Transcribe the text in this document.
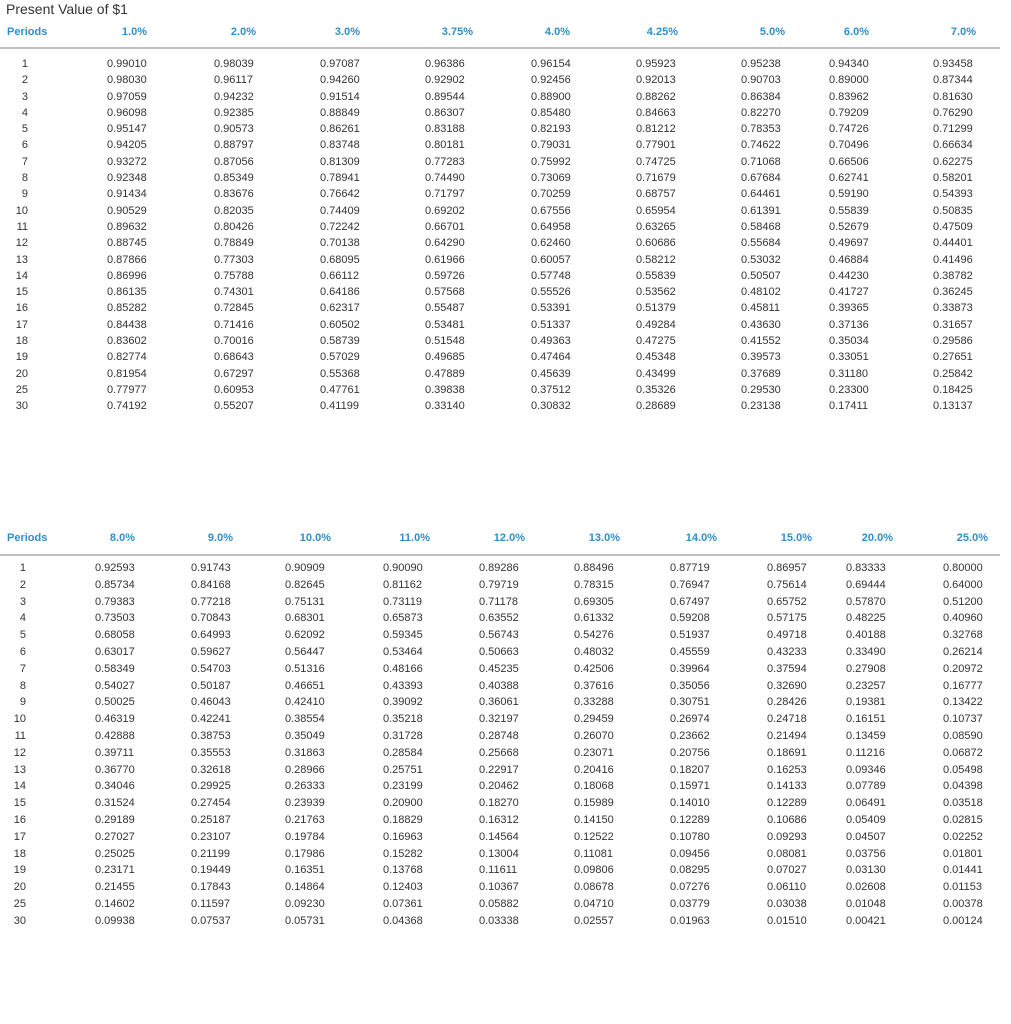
Present Value of $1
Periods	1.0%	2.0%	3.0%	3.75%	4.0%	4.25%	5.0%	6.0%	7.0%
1	0.99010	0.98039	0.97087	0.96386	0.96154	0.95923	0.95238	0.94340	0.93458
2	0.98030	0.96117	0.94260	0.92902	0.92456	0.92013	0.90703	0.89000	0.87344
3	0.97059	0.94232	0.91514	0.89544	0.88900	0.88262	0.86384	0.83962	0.81630
4	0.96098	0.92385	0.88849	0.86307	0.85480	0.84663	0.82270	0.79209	0.76290
5	0.95147	0.90573	0.86261	0.83188	0.82193	0.81212	0.78353	0.74726	0.71299
6	0.94205	0.88797	0.83748	0.80181	0.79031	0.77901	0.74622	0.70496	0.66634
7	0.93272	0.87056	0.81309	0.77283	0.75992	0.74725	0.71068	0.66506	0.62275
8	0.92348	0.85349	0.78941	0.74490	0.73069	0.71679	0.67684	0.62741	0.58201
9	0.91434	0.83676	0.76642	0.71797	0.70259	0.68757	0.64461	0.59190	0.54393
10	0.90529	0.82035	0.74409	0.69202	0.67556	0.65954	0.61391	0.55839	0.50835
11	0.89632	0.80426	0.72242	0.66701	0.64958	0.63265	0.58468	0.52679	0.47509
12	0.88745	0.78849	0.70138	0.64290	0.62460	0.60686	0.55684	0.49697	0.44401
13	0.87866	0.77303	0.68095	0.61966	0.60057	0.58212	0.53032	0.46884	0.41496
14	0.86996	0.75788	0.66112	0.59726	0.57748	0.55839	0.50507	0.44230	0.38782
15	0.86135	0.74301	0.64186	0.57568	0.55526	0.53562	0.48102	0.41727	0.36245
16	0.85282	0.72845	0.62317	0.55487	0.53391	0.51379	0.45811	0.39365	0.33873
17	0.84438	0.71416	0.60502	0.53481	0.51337	0.49284	0.43630	0.37136	0.31657
18	0.83602	0.70016	0.58739	0.51548	0.49363	0.47275	0.41552	0.35034	0.29586
19	0.82774	0.68643	0.57029	0.49685	0.47464	0.45348	0.39573	0.33051	0.27651
20	0.81954	0.67297	0.55368	0.47889	0.45639	0.43499	0.37689	0.31180	0.25842
25	0.77977	0.60953	0.47761	0.39838	0.37512	0.35326	0.29530	0.23300	0.18425
30	0.74192	0.55207	0.41199	0.33140	0.30832	0.28689	0.23138	0.17411	0.13137
Periods	8.0%	9.0%	10.0%	11.0%	12.0%	13.0%	14.0%	15.0%	20.0%	25.0%
1	0.92593	0.91743	0.90909	0.90090	0.89286	0.88496	0.87719	0.86957	0.83333	0.80000
2	0.85734	0.84168	0.82645	0.81162	0.79719	0.78315	0.76947	0.75614	0.69444	0.64000
3	0.79383	0.77218	0.75131	0.73119	0.71178	0.69305	0.67497	0.65752	0.57870	0.51200
4	0.73503	0.70843	0.68301	0.65873	0.63552	0.61332	0.59208	0.57175	0.48225	0.40960
5	0.68058	0.64993	0.62092	0.59345	0.56743	0.54276	0.51937	0.49718	0.40188	0.32768
6	0.63017	0.59627	0.56447	0.53464	0.50663	0.48032	0.45559	0.43233	0.33490	0.26214
7	0.58349	0.54703	0.51316	0.48166	0.45235	0.42506	0.39964	0.37594	0.27908	0.20972
8	0.54027	0.50187	0.46651	0.43393	0.40388	0.37616	0.35056	0.32690	0.23257	0.16777
9	0.50025	0.46043	0.42410	0.39092	0.36061	0.33288	0.30751	0.28426	0.19381	0.13422
10	0.46319	0.42241	0.38554	0.35218	0.32197	0.29459	0.26974	0.24718	0.16151	0.10737
11	0.42888	0.38753	0.35049	0.31728	0.28748	0.26070	0.23662	0.21494	0.13459	0.08590
12	0.39711	0.35553	0.31863	0.28584	0.25668	0.23071	0.20756	0.18691	0.11216	0.06872
13	0.36770	0.32618	0.28966	0.25751	0.22917	0.20416	0.18207	0.16253	0.09346	0.05498
14	0.34046	0.29925	0.26333	0.23199	0.20462	0.18068	0.15971	0.14133	0.07789	0.04398
15	0.31524	0.27454	0.23939	0.20900	0.18270	0.15989	0.14010	0.12289	0.06491	0.03518
16	0.29189	0.25187	0.21763	0.18829	0.16312	0.14150	0.12289	0.10686	0.05409	0.02815
17	0.27027	0.23107	0.19784	0.16963	0.14564	0.12522	0.10780	0.09293	0.04507	0.02252
18	0.25025	0.21199	0.17986	0.15282	0.13004	0.11081	0.09456	0.08081	0.03756	0.01801
19	0.23171	0.19449	0.16351	0.13768	0.11611	0.09806	0.08295	0.07027	0.03130	0.01441
20	0.21455	0.17843	0.14864	0.12403	0.10367	0.08678	0.07276	0.06110	0.02608	0.01153
25	0.14602	0.11597	0.09230	0.07361	0.05882	0.04710	0.03779	0.03038	0.01048	0.00378
30	0.09938	0.07537	0.05731	0.04368	0.03338	0.02557	0.01963	0.01510	0.00421	0.00124
